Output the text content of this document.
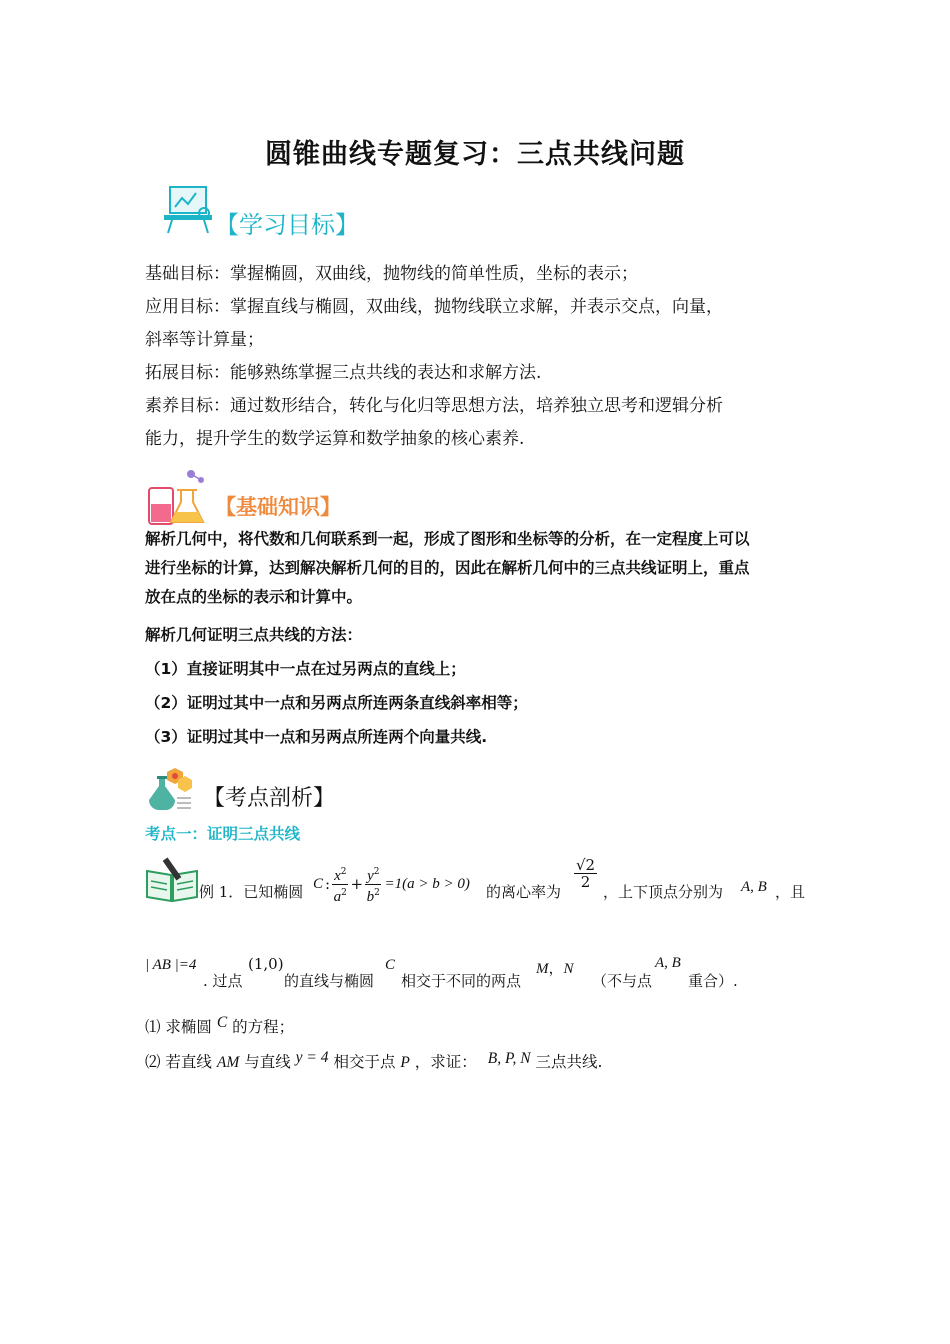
圆锥曲线专题复习：三点共线问题
【学习目标】
基础目标：掌握椭圆，双曲线，抛物线的简单性质，坐标的表示；
应用目标：掌握直线与椭圆，双曲线，抛物线联立求解，并表示交点，向量，
斜率等计算量；
拓展目标：能够熟练掌握三点共线的表达和求解方法.
素养目标：通过数形结合，转化与化归等思想方法，培养独立思考和逻辑分析
能力，提升学生的数学运算和数学抽象的核心素养.
【基础知识】
解析几何中，将代数和几何联系到一起，形成了图形和坐标等的分析，在一定程度上可以
进行坐标的计算，达到解决解析几何的目的，因此在解析几何中的三点共线证明上，重点
放在点的坐标的表示和计算中。
解析几何证明三点共线的方法：
（1）直接证明其中一点在过另两点的直线上；
（2）证明过其中一点和另两点所连两条直线斜率相等；
（3）证明过其中一点和另两点所连两个向量共线.
【考点剖析】
考点一：证明三点共线
例 1．已知椭圆 C : $\frac{x^2}{a^2} + \frac{y^2}{b^2} =1(a > b > 0)$ 的离心率为
$\frac{√2}{2}$
，上下顶点分别为 A, B ，且
| AB |=4
. 过点
(1,0)
的直线与椭圆
C
相交于不同的两点
M，N
（不与点
A, B
重合）.
⑴ 求椭圆 C 的方程；
⑵ 若直线 AM 与直线 y = 4 相交于点 P ，求证： B, P, N 三点共线.
